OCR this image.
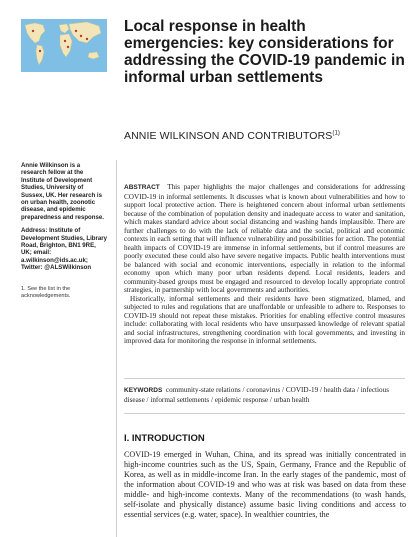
Local response in health emergencies: key considerations for addressing the COVID-19 pandemic in informal urban settlements
ANNIE WILKINSON AND CONTRIBUTORS$^{(1)}$

Annie Wilkinson is a research fellow at the Institute of Development Studies, University of Sussex, UK. Her research is on urban health, zoonotic disease, and epidemic preparedness and response.

Address: Institute of Development Studies, Library Road, Brighton, BN1 9RE, UK; email: a.wilkinson@ids.ac.uk; Twitter: @ALSWilkinson

1. See the list in the acknowledgements.

ABSTRACT This paper highlights the major challenges and considerations for addressing COVID-19 in informal settlements. It discusses what is known about vulnerabilities and how to support local protective action. There is heightened concern about informal urban settlements because of the combination of population density and inadequate access to water and sanitation, which makes standard advice about social distancing and washing hands implausible. There are further challenges to do with the lack of reliable data and the social, political and economic contexts in each setting that will influence vulnerability and possibilities for action. The potential health impacts of COVID-19 are immense in informal settlements, but if control measures are poorly executed these could also have severe negative impacts. Public health interventions must be balanced with social and economic interventions, especially in relation to the informal economy upon which many poor urban residents depend. Local residents, leaders and community-based groups must be engaged and resourced to develop locally appropriate control strategies, in partnership with local governments and authorities.

Historically, informal settlements and their residents have been stigmatized, blamed, and subjected to rules and regulations that are unaffordable or unfeasible to adhere to. Responses to COVID-19 should not repeat these mistakes. Priorities for enabling effective control measures include: collaborating with local residents who have unsurpassed knowledge of relevant spatial and social infrastructures, strengthening coordination with local governments, and investing in improved data for monitoring the response in informal settlements.

KEYWORDS community-state relations / coronavirus / COVID-19 / health data / infectious disease / informal settlements / epidemic response / urban health

I. INTRODUCTION

COVID-19 emerged in Wuhan, China, and its spread was initially concentrated in high-income countries such as the US, Spain, Germany, France and the Republic of Korea, as well as in middle-income Iran. In the early stages of the pandemic, most of the information about COVID-19 and who was at risk was based on data from these middle- and high-income contexts. Many of the recommendations (to wash hands, self-isolate and physically distance) assume basic living conditions and access to essential services (e.g. water, space). In wealthier countries, the
